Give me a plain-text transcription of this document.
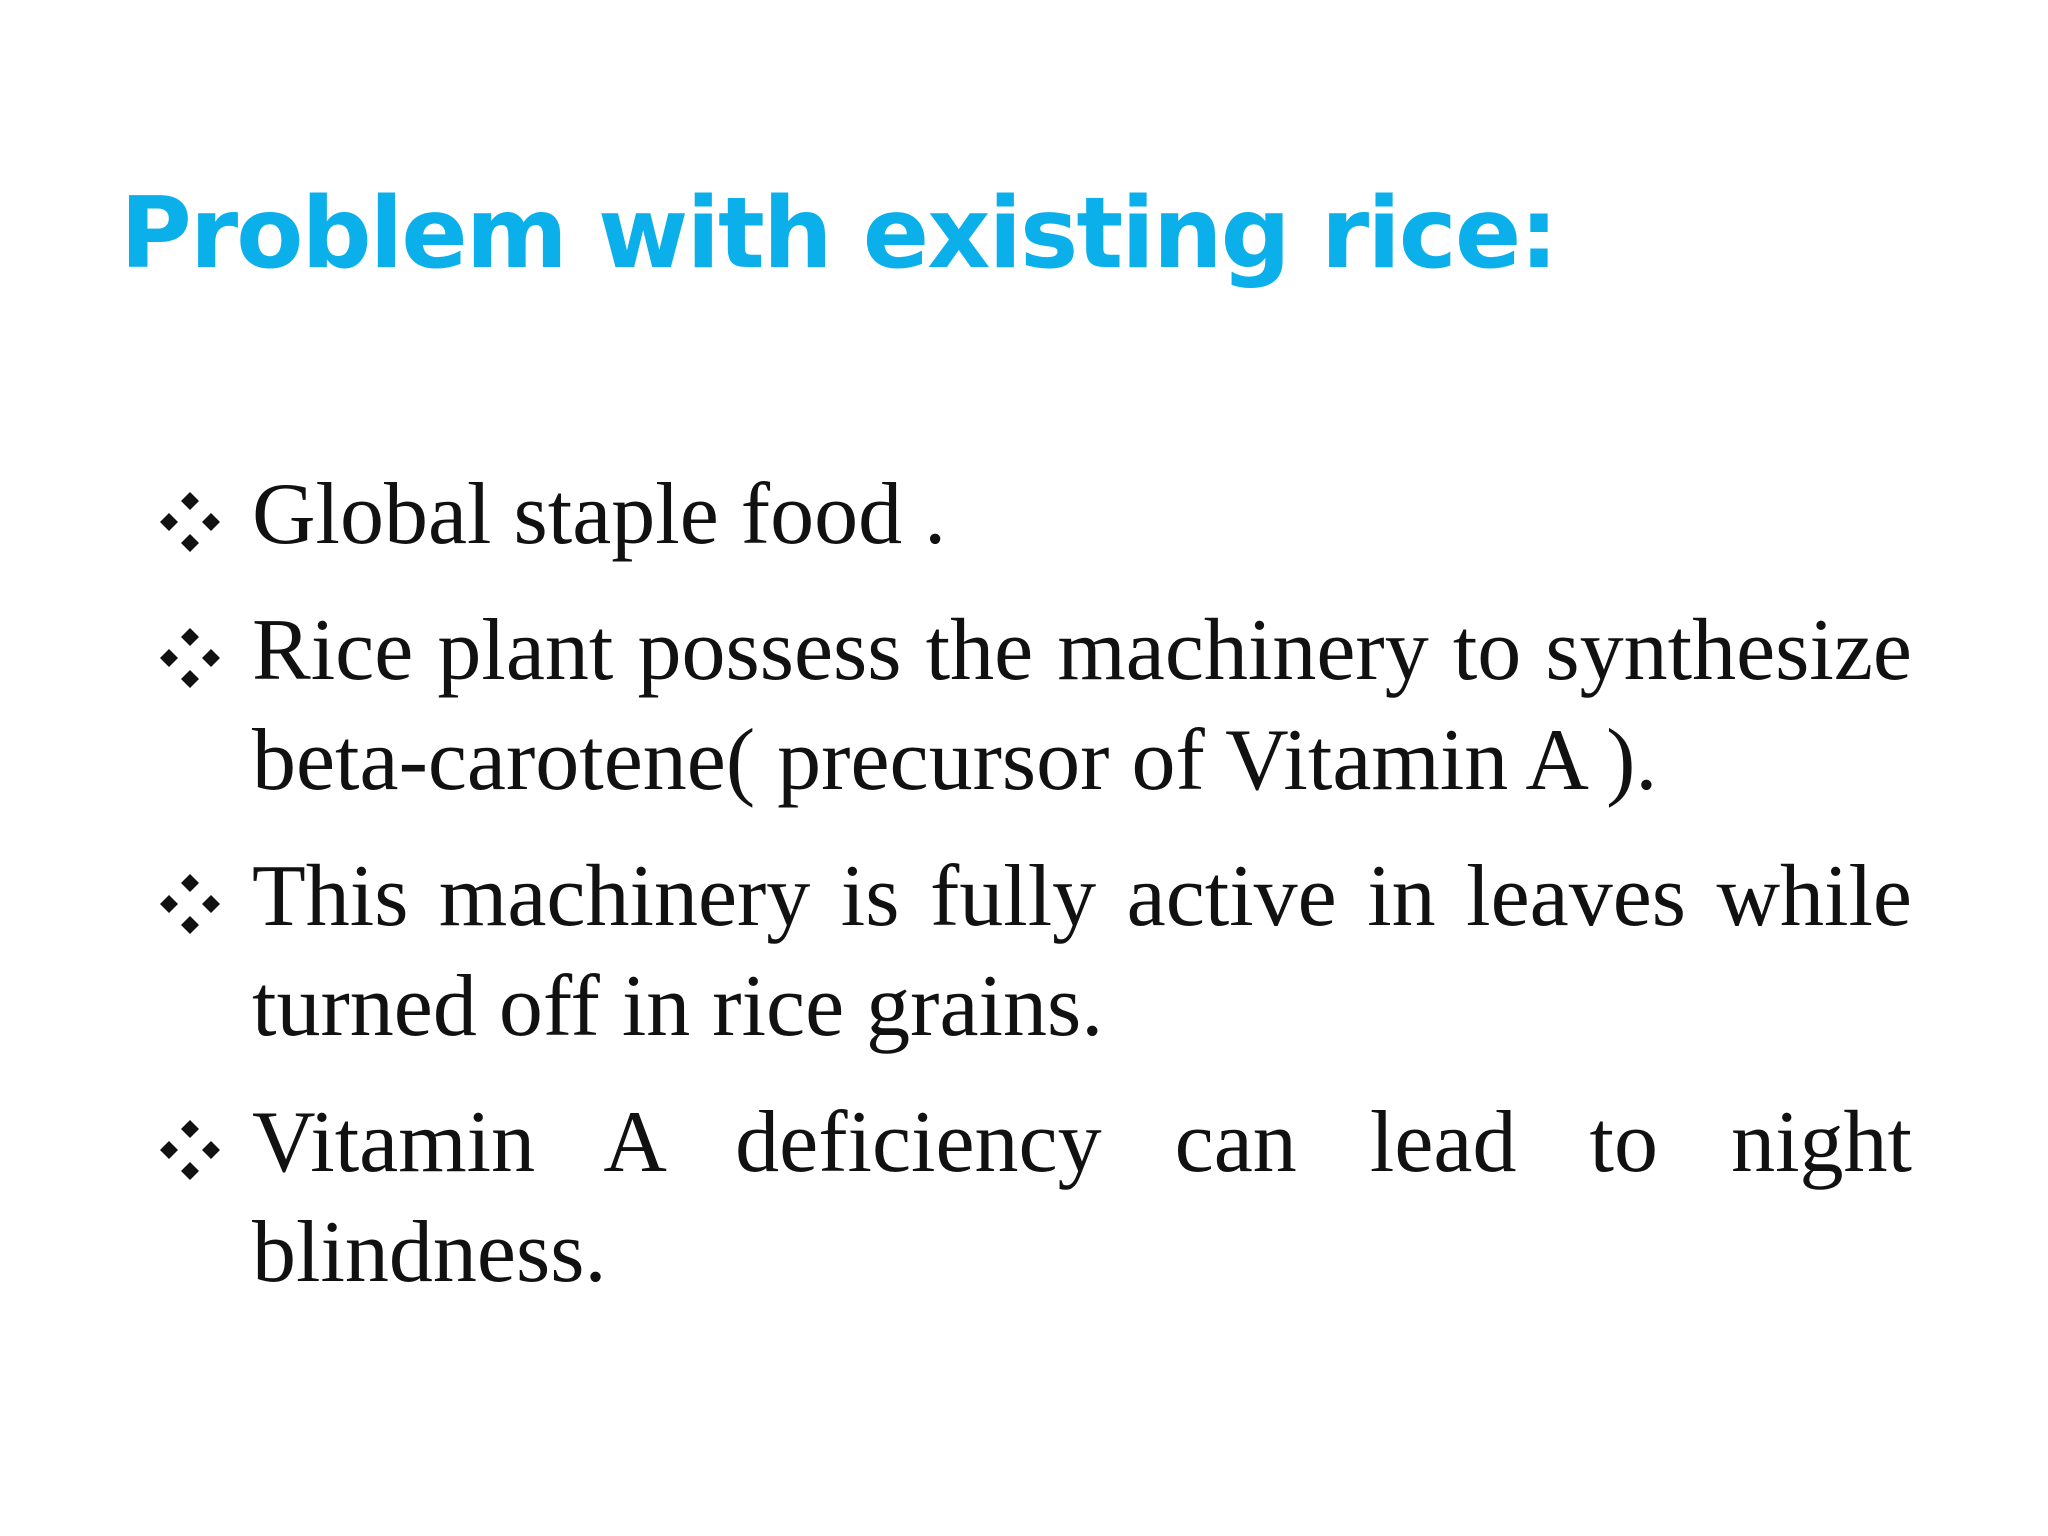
Problem with existing rice:
Global staple food .
Rice plant possess the machinery to synthesize beta-carotene( precursor of Vitamin A ).
This machinery is fully active in leaves while turned off in rice grains.
Vitamin A deficiency can lead to night blindness.
